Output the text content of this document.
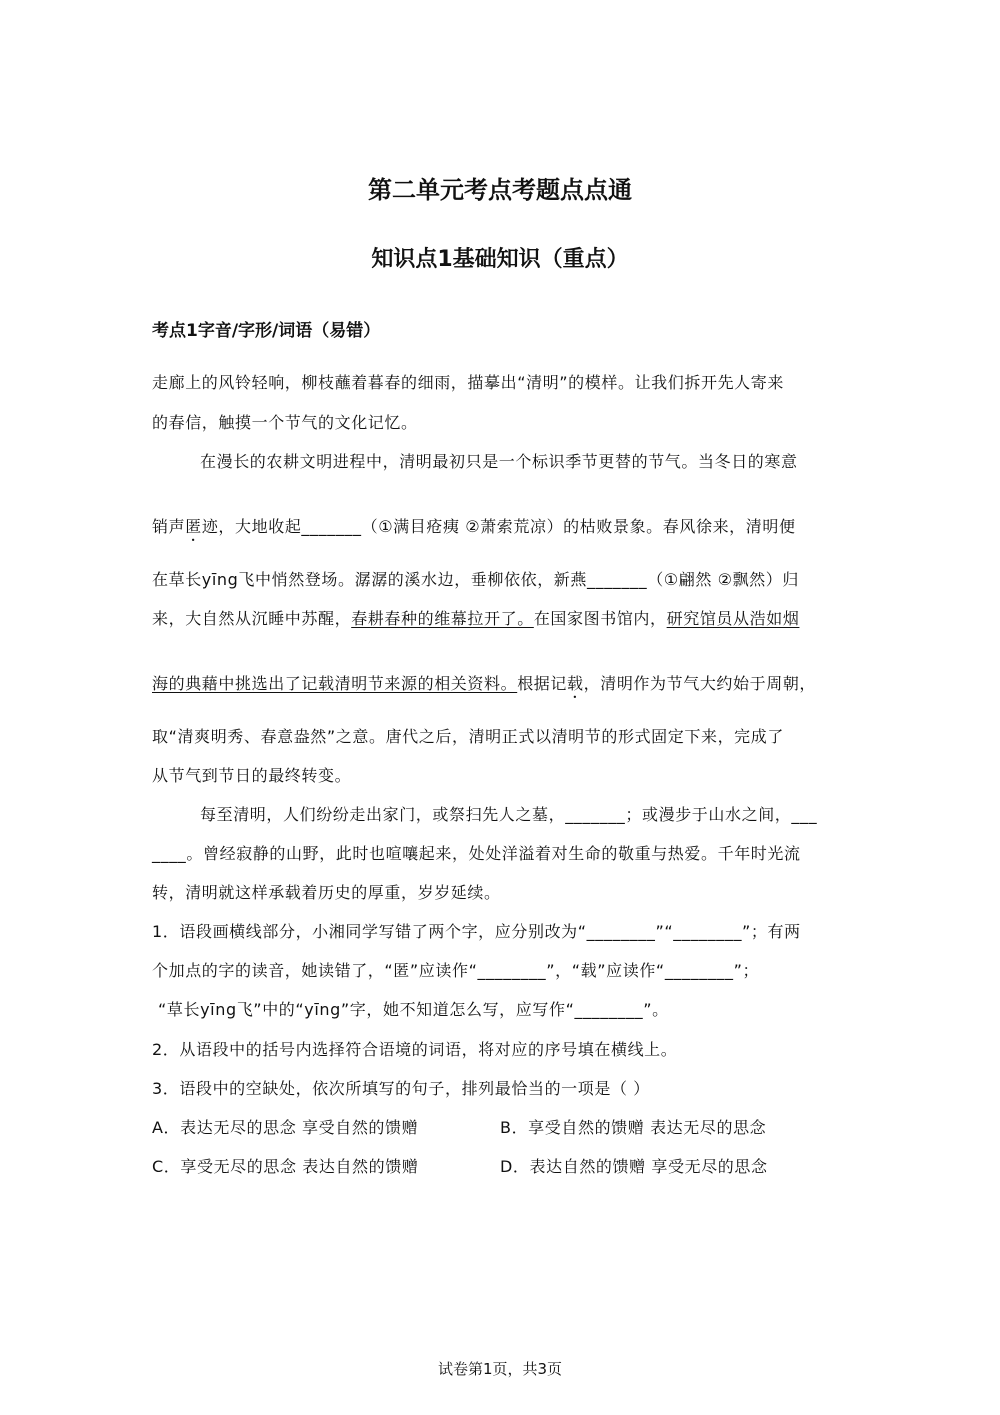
第二单元考点考题点点通
知识点1基础知识（重点）
考点1字音/字形/词语（易错）
走廊上的风铃轻响，柳枝蘸着暮春的细雨，描摹出“清明”的模样。让我们拆开先人寄来
的春信，触摸一个节气的文化记忆。
在漫长的农耕文明进程中，清明最初只是一个标识季节更替的节气。当冬日的寒意
销声匿迹，大地收起_______（①满目疮痍 ②萧索荒凉）的枯败景象。春风徐来，清明便
在草长yīng飞中悄然登场。潺潺的溪水边，垂柳依依，新燕_______（①翩然 ②飘然）归
来，大自然从沉睡中苏醒，春耕春种的维幕拉开了。在国家图书馆内，研究馆员从浩如烟
海的典藉中挑选出了记载清明节来源的相关资料。根据记载，清明作为节气大约始于周朝，
取“清爽明秀、春意盎然”之意。唐代之后，清明正式以清明节的形式固定下来，完成了
从节气到节日的最终转变。
每至清明，人们纷纷走出家门，或祭扫先人之墓，_______；或漫步于山水之间，___
____。曾经寂静的山野，此时也喧嚷起来，处处洋溢着对生命的敬重与热爱。千年时光流
转，清明就这样承载着历史的厚重，岁岁延续。
1．语段画横线部分，小湘同学写错了两个字，应分别改为“________”“________”；有两
个加点的字的读音，她读错了，“匿”应读作“________”，“载”应读作“________”；
“草长yīng飞”中的“yīng”字，她不知道怎么写，应写作“________”。
2．从语段中的括号内选择符合语境的词语，将对应的序号填在横线上。
3．语段中的空缺处，依次所填写的句子，排列最恰当的一项是（ ）
A．表达无尽的思念 享受自然的馈赠	B．享受自然的馈赠 表达无尽的思念
C．享受无尽的思念 表达自然的馈赠	D．表达自然的馈赠 享受无尽的思念
试卷第1页，共3页
